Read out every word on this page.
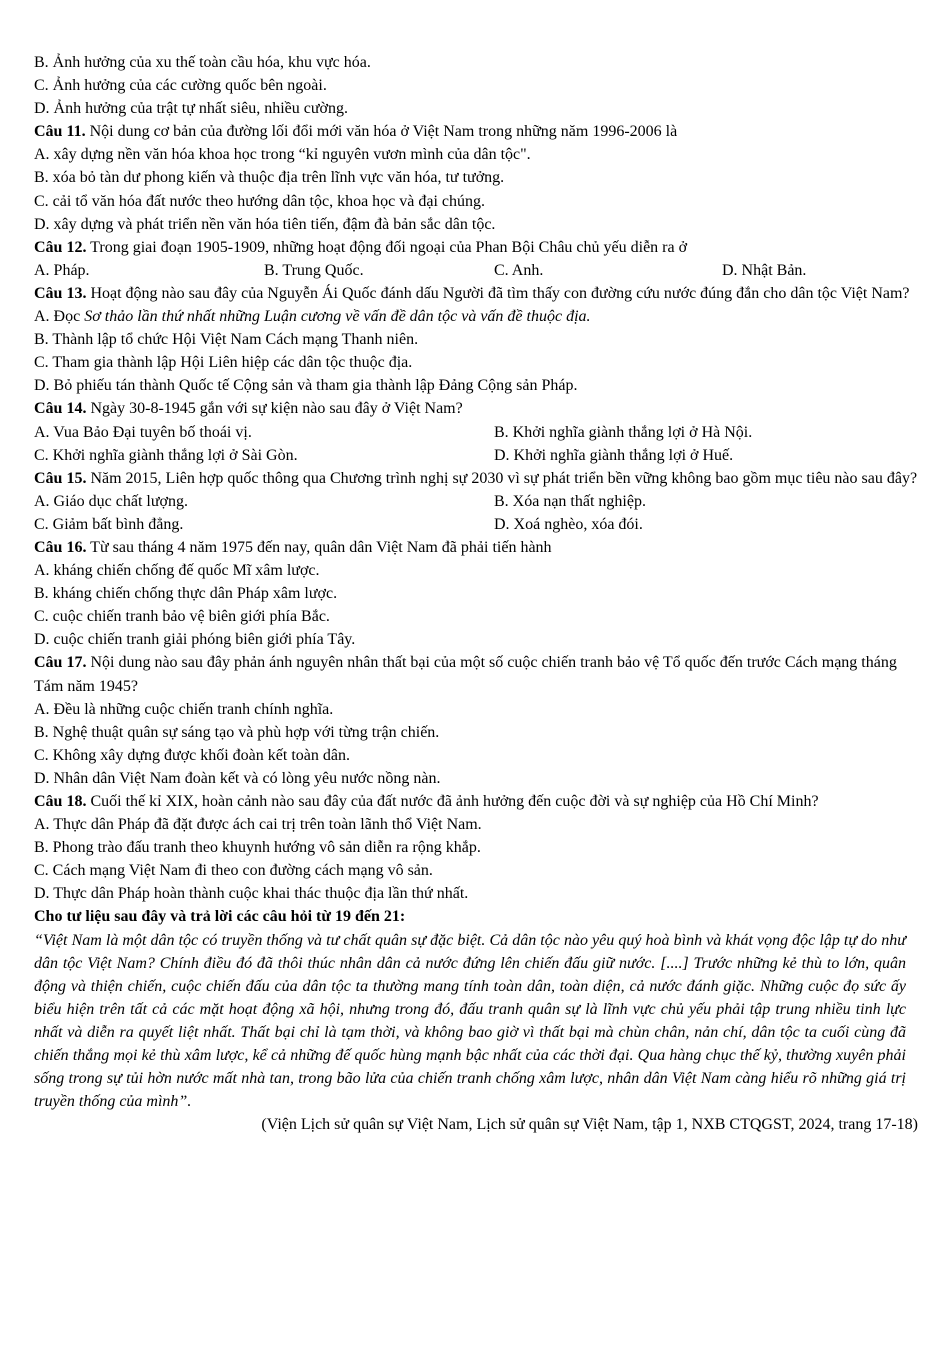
B. Ảnh hưởng của xu thế toàn cầu hóa, khu vực hóa.
C. Ảnh hưởng của các cường quốc bên ngoài.
D. Ảnh hưởng của trật tự nhất siêu, nhiều cường.
Câu 11. Nội dung cơ bản của đường lối đổi mới văn hóa ở Việt Nam trong những năm 1996-2006 là
A. xây dựng nền văn hóa khoa học trong “kỉ nguyên vươn mình của dân tộc".
B. xóa bỏ tàn dư phong kiến và thuộc địa trên lĩnh vực văn hóa, tư tưởng.
C. cải tổ văn hóa đất nước theo hướng dân tộc, khoa học và đại chúng.
D. xây dựng và phát triển nền văn hóa tiên tiến, đậm đà bản sắc dân tộc.
Câu 12. Trong giai đoạn 1905-1909, những hoạt động đối ngoại của Phan Bội Châu chủ yếu diễn ra ở
A. Pháp.	B. Trung Quốc.	C. Anh.	D. Nhật Bản.
Câu 13. Hoạt động nào sau đây của Nguyễn Ái Quốc đánh dấu Người đã tìm thấy con đường cứu nước đúng đắn cho dân tộc Việt Nam?
A. Đọc Sơ thảo lần thứ nhất những Luận cương về vấn đề dân tộc và vấn đề thuộc địa.
B. Thành lập tổ chức Hội Việt Nam Cách mạng Thanh niên.
C. Tham gia thành lập Hội Liên hiệp các dân tộc thuộc địa.
D. Bỏ phiếu tán thành Quốc tế Cộng sản và tham gia thành lập Đảng Cộng sản Pháp.
Câu 14. Ngày 30-8-1945 gắn với sự kiện nào sau đây ở Việt Nam?
A. Vua Bảo Đại tuyên bố thoái vị.	B. Khởi nghĩa giành thắng lợi ở Hà Nội.
C. Khởi nghĩa giành thắng lợi ở Sài Gòn.	D. Khởi nghĩa giành thắng lợi ở Huế.
Câu 15. Năm 2015, Liên hợp quốc thông qua Chương trình nghị sự 2030 vì sự phát triển bền vững không bao gồm mục tiêu nào sau đây?
A. Giáo dục chất lượng.	B. Xóa nạn thất nghiệp.
C. Giảm bất bình đẳng.	D. Xoá nghèo, xóa đói.
Câu 16. Từ sau tháng 4 năm 1975 đến nay, quân dân Việt Nam đã phải tiến hành
A. kháng chiến chống đế quốc Mĩ xâm lược.
B. kháng chiến chống thực dân Pháp xâm lược.
C. cuộc chiến tranh bảo vệ biên giới phía Bắc.
D. cuộc chiến tranh giải phóng biên giới phía Tây.
Câu 17. Nội dung nào sau đây phản ánh nguyên nhân thất bại của một số cuộc chiến tranh bảo vệ Tổ quốc đến trước Cách mạng tháng Tám năm 1945?
A. Đều là những cuộc chiến tranh chính nghĩa.
B. Nghệ thuật quân sự sáng tạo và phù hợp với từng trận chiến.
C. Không xây dựng được khối đoàn kết toàn dân.
D. Nhân dân Việt Nam đoàn kết và có lòng yêu nước nồng nàn.
Câu 18. Cuối thế kỉ XIX, hoàn cảnh nào sau đây của đất nước đã ảnh hưởng đến cuộc đời và sự nghiệp của Hồ Chí Minh?
A. Thực dân Pháp đã đặt được ách cai trị trên toàn lãnh thổ Việt Nam.
B. Phong trào đấu tranh theo khuynh hướng vô sản diễn ra rộng khắp.
C. Cách mạng Việt Nam đi theo con đường cách mạng vô sản.
D. Thực dân Pháp hoàn thành cuộc khai thác thuộc địa lần thứ nhất.
Cho tư liệu sau đây và trả lời các câu hỏi từ 19 đến 21:
“Việt Nam là một dân tộc có truyền thống và tư chất quân sự đặc biệt. Cả dân tộc nào yêu quý hoà bình và khát vọng độc lập tự do như dân tộc Việt Nam? Chính điều đó đã thôi thúc nhân dân cả nước đứng lên chiến đấu giữ nước. [....] Trước những kẻ thù to lớn, quân động và thiện chiến, cuộc chiến đấu của dân tộc ta thường mang tính toàn dân, toàn diện, cả nước đánh giặc. Những cuộc đọ sức ấy biểu hiện trên tất cả các mặt hoạt động xã hội, nhưng trong đó, đấu tranh quân sự là lĩnh vực chủ yếu phải tập trung nhiều tinh lực nhất và diễn ra quyết liệt nhất. Thất bại chỉ là tạm thời, và không bao giờ vì thất bại mà chùn chân, nản chí, dân tộc ta cuối cùng đã chiến thắng mọi kẻ thù xâm lược, kể cả những đế quốc hùng mạnh bậc nhất của các thời đại. Qua hàng chục thế kỷ, thường xuyên phải sống trong sự tủi hờn nước mất nhà tan, trong bão lửa của chiến tranh chống xâm lược, nhân dân Việt Nam càng hiểu rõ những giá trị truyền thống của mình”.
(Viện Lịch sử quân sự Việt Nam, Lịch sử quân sự Việt Nam, tập 1, NXB CTQGST, 2024, trang 17-18)
